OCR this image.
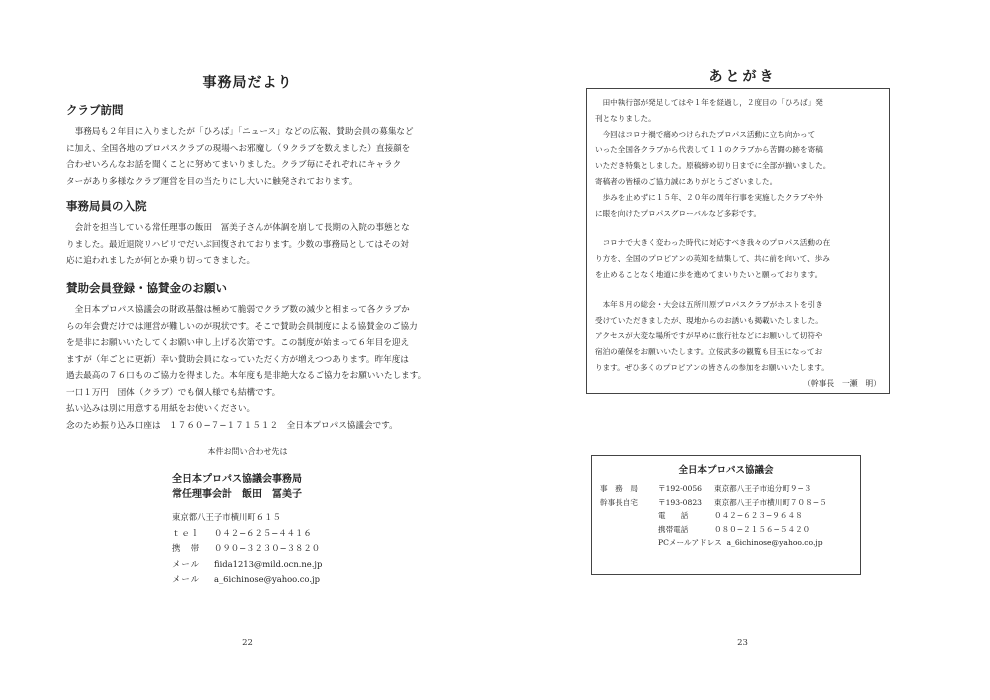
事務局だより
クラブ訪問
事務局も２年目に入りましたが「ひろば」「ニュース」などの広報、賛助会員の募集など
に加え、全国各地のプロパスクラブの現場へお邪魔し（９クラブを数えました）直接顔を
合わせいろんなお話を聞くことに努めてまいりました。クラブ毎にそれぞれにキャラク
ターがあり多様なクラブ運営を目の当たりにし大いに触発されております。
事務局員の入院
会計を担当している常任理事の飯田　冨美子さんが体調を崩して長期の入院の事態とな
りました。最近退院リハビリでだいぶ回復されております。少数の事務局としてはその対
応に追われましたが何とか乗り切ってきました。
賛助会員登録・協賛金のお願い
全日本プロパス協議会の財政基盤は極めて脆弱でクラブ数の減少と相まって各クラブか
らの年会費だけでは運営が難しいのが現状です。そこで賛助会員制度による協賛金のご協力
を是非にお願いいたしてくお願い申し上げる次第です。この制度が始まって６年目を迎え
ますが（年ごとに更新）幸い賛助会員になっていただく方が増えつつあります。昨年度は
過去最高の７６口ものご協力を得ました。本年度も是非絶大なるご協力をお願いいたします。
一口１万円　団体（クラブ）でも個人様でも結構です。
払い込みは別に用意する用紙をお使いください。
念のため振り込み口座は　１７６０−７−１７１５１２　全日本プロパス協議会です。
本件お問い合わせ先は
全日本プロパス協議会事務局
常任理事会計　飯田　冨美子
東京都八王子市横川町６１５
ｔｅｌ ０４２−６２５−４４１６
携　帯 ０９０−３２３０−３８２０
メール fiida1213@mild.ocn.ne.jp
メール a_6ichinose@yahoo.co.jp
22
あとがき
田中執行部が発足してはや１年を経過し，２度目の「ひろば」発
刊となりました。
今回はコロナ禍で痛めつけられたプロパス活動に立ち向かって
いった全国各クラブから代表して１１のクラブから苦闘の跡を寄稿
いただき特集としました。原稿締め切り日までに全部が揃いました。
寄稿者の皆様のご協力誠にありがとうございました。
歩みを止めずに１５年、２０年の周年行事を実施したクラブや外
に眼を向けたプロパスグローバルなど多彩です。
コロナで大きく変わった時代に対応すべき我々のプロパス活動の在
り方を、全国のプロピアンの英知を結集して、共に前を向いて、歩み
を止めることなく地道に歩を進めてまいりたいと願っております。
本年８月の総会・大会は五所川原プロパスクラブがホストを引き
受けていただきましたが、現地からのお誘いも掲載いたしました。
アクセスが大変な場所ですが早めに旅行社などにお願いして切符や
宿泊の確保をお願いいたします。立佞武多の観覧も目玉になってお
ります。ぜひ多くのプロピアンの皆さんの参加をお願いいたします。
（幹事長　一瀬　明）
全日本プロパス協議会
事　務　局	〒192-0056 東京都八王子市追分町９−３
幹事長自宅	〒193-0823 東京都八王子市横川町７０８−５
電　　話	０４２−６２３−９６４８
携帯電話	０８０−２１５６−５４２０
PCメールアドレス a_6ichinose@yahoo.co.jp
23
